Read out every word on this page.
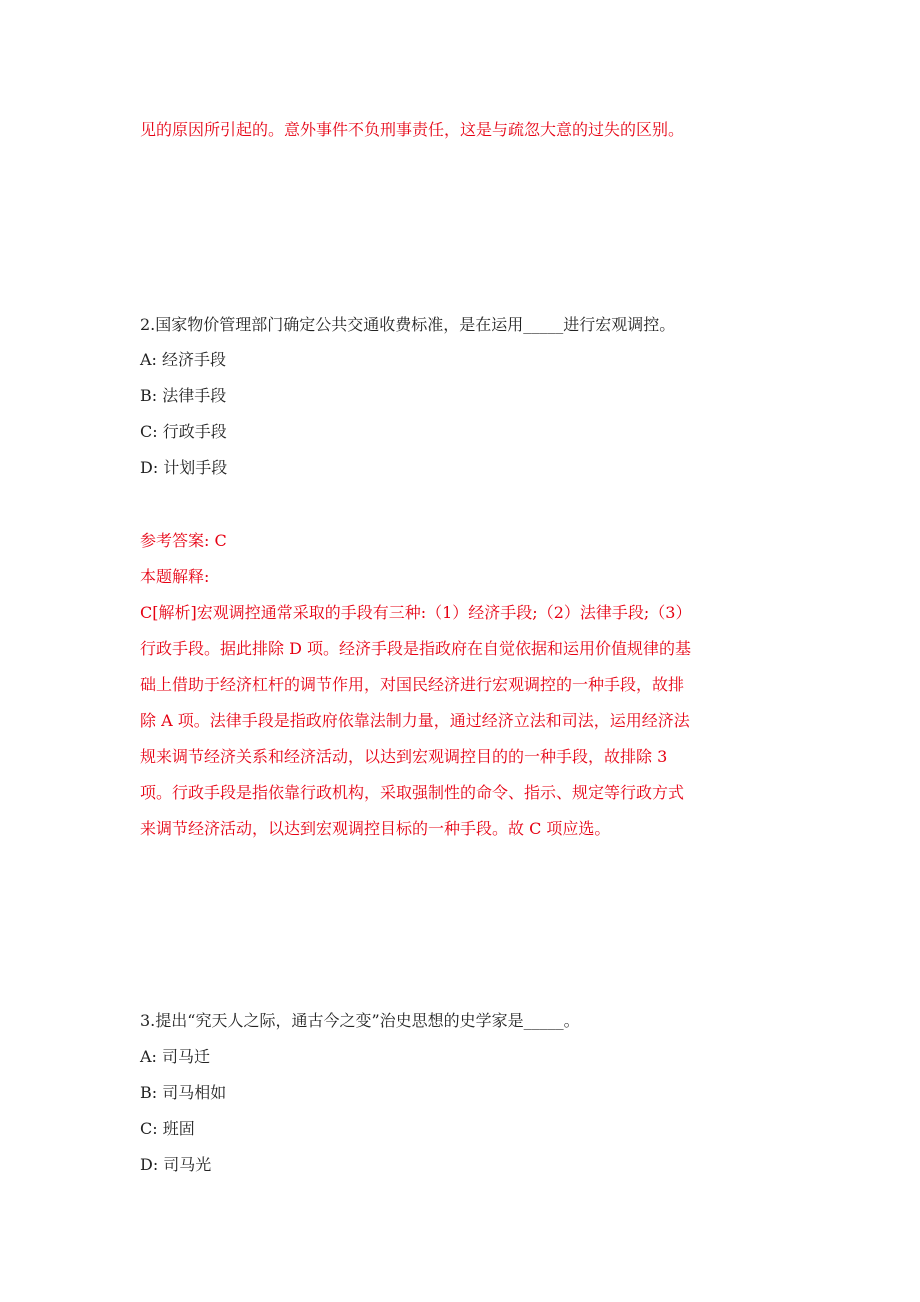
见的原因所引起的。意外事件不负刑事责任，这是与疏忽大意的过失的区别。
2.国家物价管理部门确定公共交通收费标准，是在运用_____进行宏观调控。
A: 经济手段
B: 法律手段
C: 行政手段
D: 计划手段
参考答案: C
本题解释:
C[解析]宏观调控通常采取的手段有三种:（1）经济手段;（2）法律手段;（3）
行政手段。据此排除 D 项。经济手段是指政府在自觉依据和运用价值规律的基
础上借助于经济杠杆的调节作用，对国民经济进行宏观调控的一种手段，故排
除 A 项。法律手段是指政府依靠法制力量，通过经济立法和司法，运用经济法
规来调节经济关系和经济活动，以达到宏观调控目的的一种手段，故排除 3
项。行政手段是指依靠行政机构，采取强制性的命令、指示、规定等行政方式
来调节经济活动，以达到宏观调控目标的一种手段。故 C 项应选。
3.提出“究天人之际，通古今之变”治史思想的史学家是_____。
A: 司马迁
B: 司马相如
C: 班固
D: 司马光
